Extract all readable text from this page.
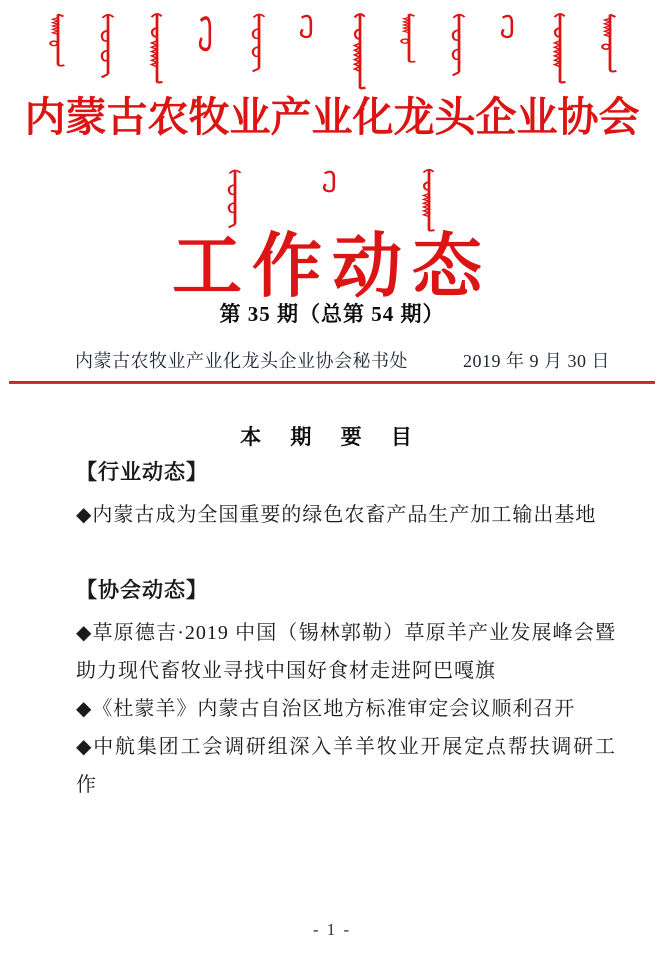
内蒙古农牧业产业化龙头企业协会
工作动态
第 35 期（总第 54 期）
内蒙古农牧业产业化龙头企业协会秘书处	2019 年 9 月 30 日
本 期 要 目
【行业动态】
◆内蒙古成为全国重要的绿色农畜产品生产加工输出基地
【协会动态】
◆草原德吉·2019 中国（锡林郭勒）草原羊产业发展峰会暨助力现代畜牧业寻找中国好食材走进阿巴嘎旗
◆《杜蒙羊》内蒙古自治区地方标准审定会议顺利召开
◆中航集团工会调研组深入羊羊牧业开展定点帮扶调研工作
- 1 -
